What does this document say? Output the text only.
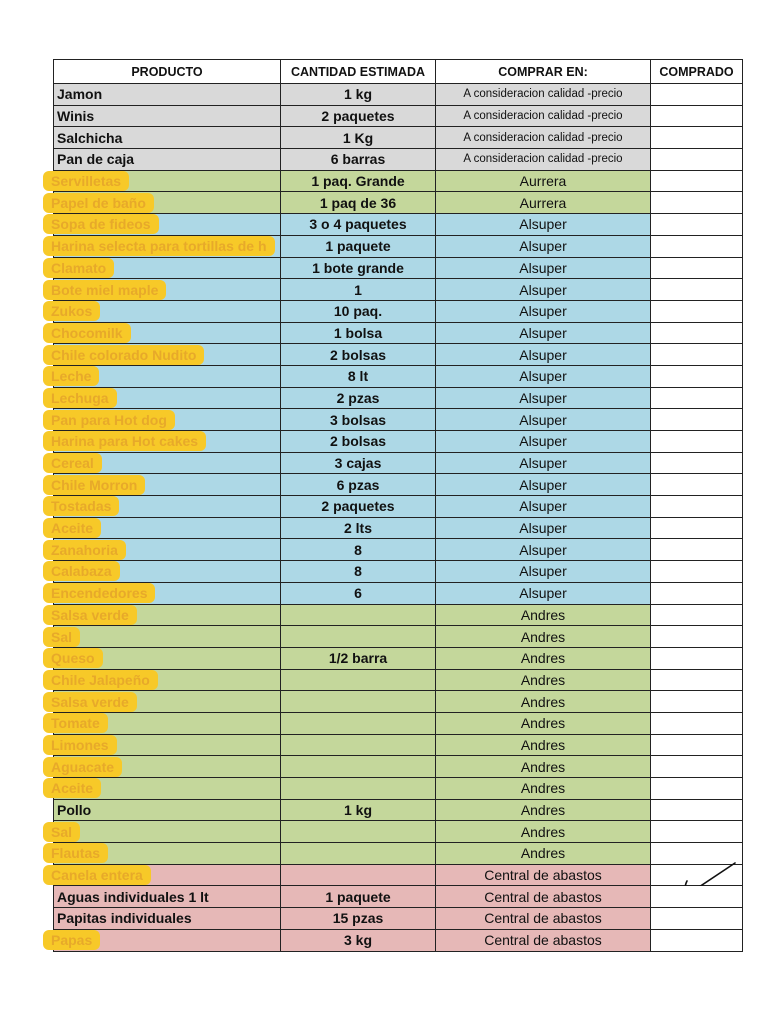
PRODUCTO	CANTIDAD ESTIMADA	COMPRAR EN:	COMPRADO
Jamon	1 kg	A consideracion calidad -precio	
Winis	2 paquetes	A consideracion calidad -precio	
Salchicha	1 Kg	A consideracion calidad -precio	
Pan de caja	6 barras	A consideracion calidad -precio	
Servilletas	1 paq. Grande	Aurrera	
Papel de baño	1 paq de 36	Aurrera	
Sopa de fideos	3 o 4 paquetes	Alsuper	
Harina selecta para tortillas de h	1 paquete	Alsuper	
Clamato	1 bote grande	Alsuper	
Bote miel maple	1	Alsuper	
Zukos	10 paq.	Alsuper	
Chocomilk	1 bolsa	Alsuper	
Chile colorado Nudito	2 bolsas	Alsuper	
Leche	8 lt	Alsuper	
Lechuga	2 pzas	Alsuper	
Pan para Hot dog	3 bolsas	Alsuper	
Harina para Hot cakes	2 bolsas	Alsuper	
Cereal	3 cajas	Alsuper	
Chile Morron	6 pzas	Alsuper	
Tostadas	2 paquetes	Alsuper	
Aceite	2 lts	Alsuper	
Zanahoria	8	Alsuper	
Calabaza	8	Alsuper	
Encendedores	6	Alsuper	
Salsa verde		Andres	
Sal		Andres	
Queso	1/2 barra	Andres	
Chile Jalapeño		Andres	
Salsa verde		Andres	
Tomate		Andres	
Limones		Andres	
Aguacate		Andres	
Aceite		Andres	
Pollo	1 kg	Andres	
Sal		Andres	
Flautas		Andres	
Canela entera		Central de abastos	

Aguas individuales 1 lt	1 paquete	Central de abastos	
Papitas individuales	15 pzas	Central de abastos	
Papas	3 kg	Central de abastos	
